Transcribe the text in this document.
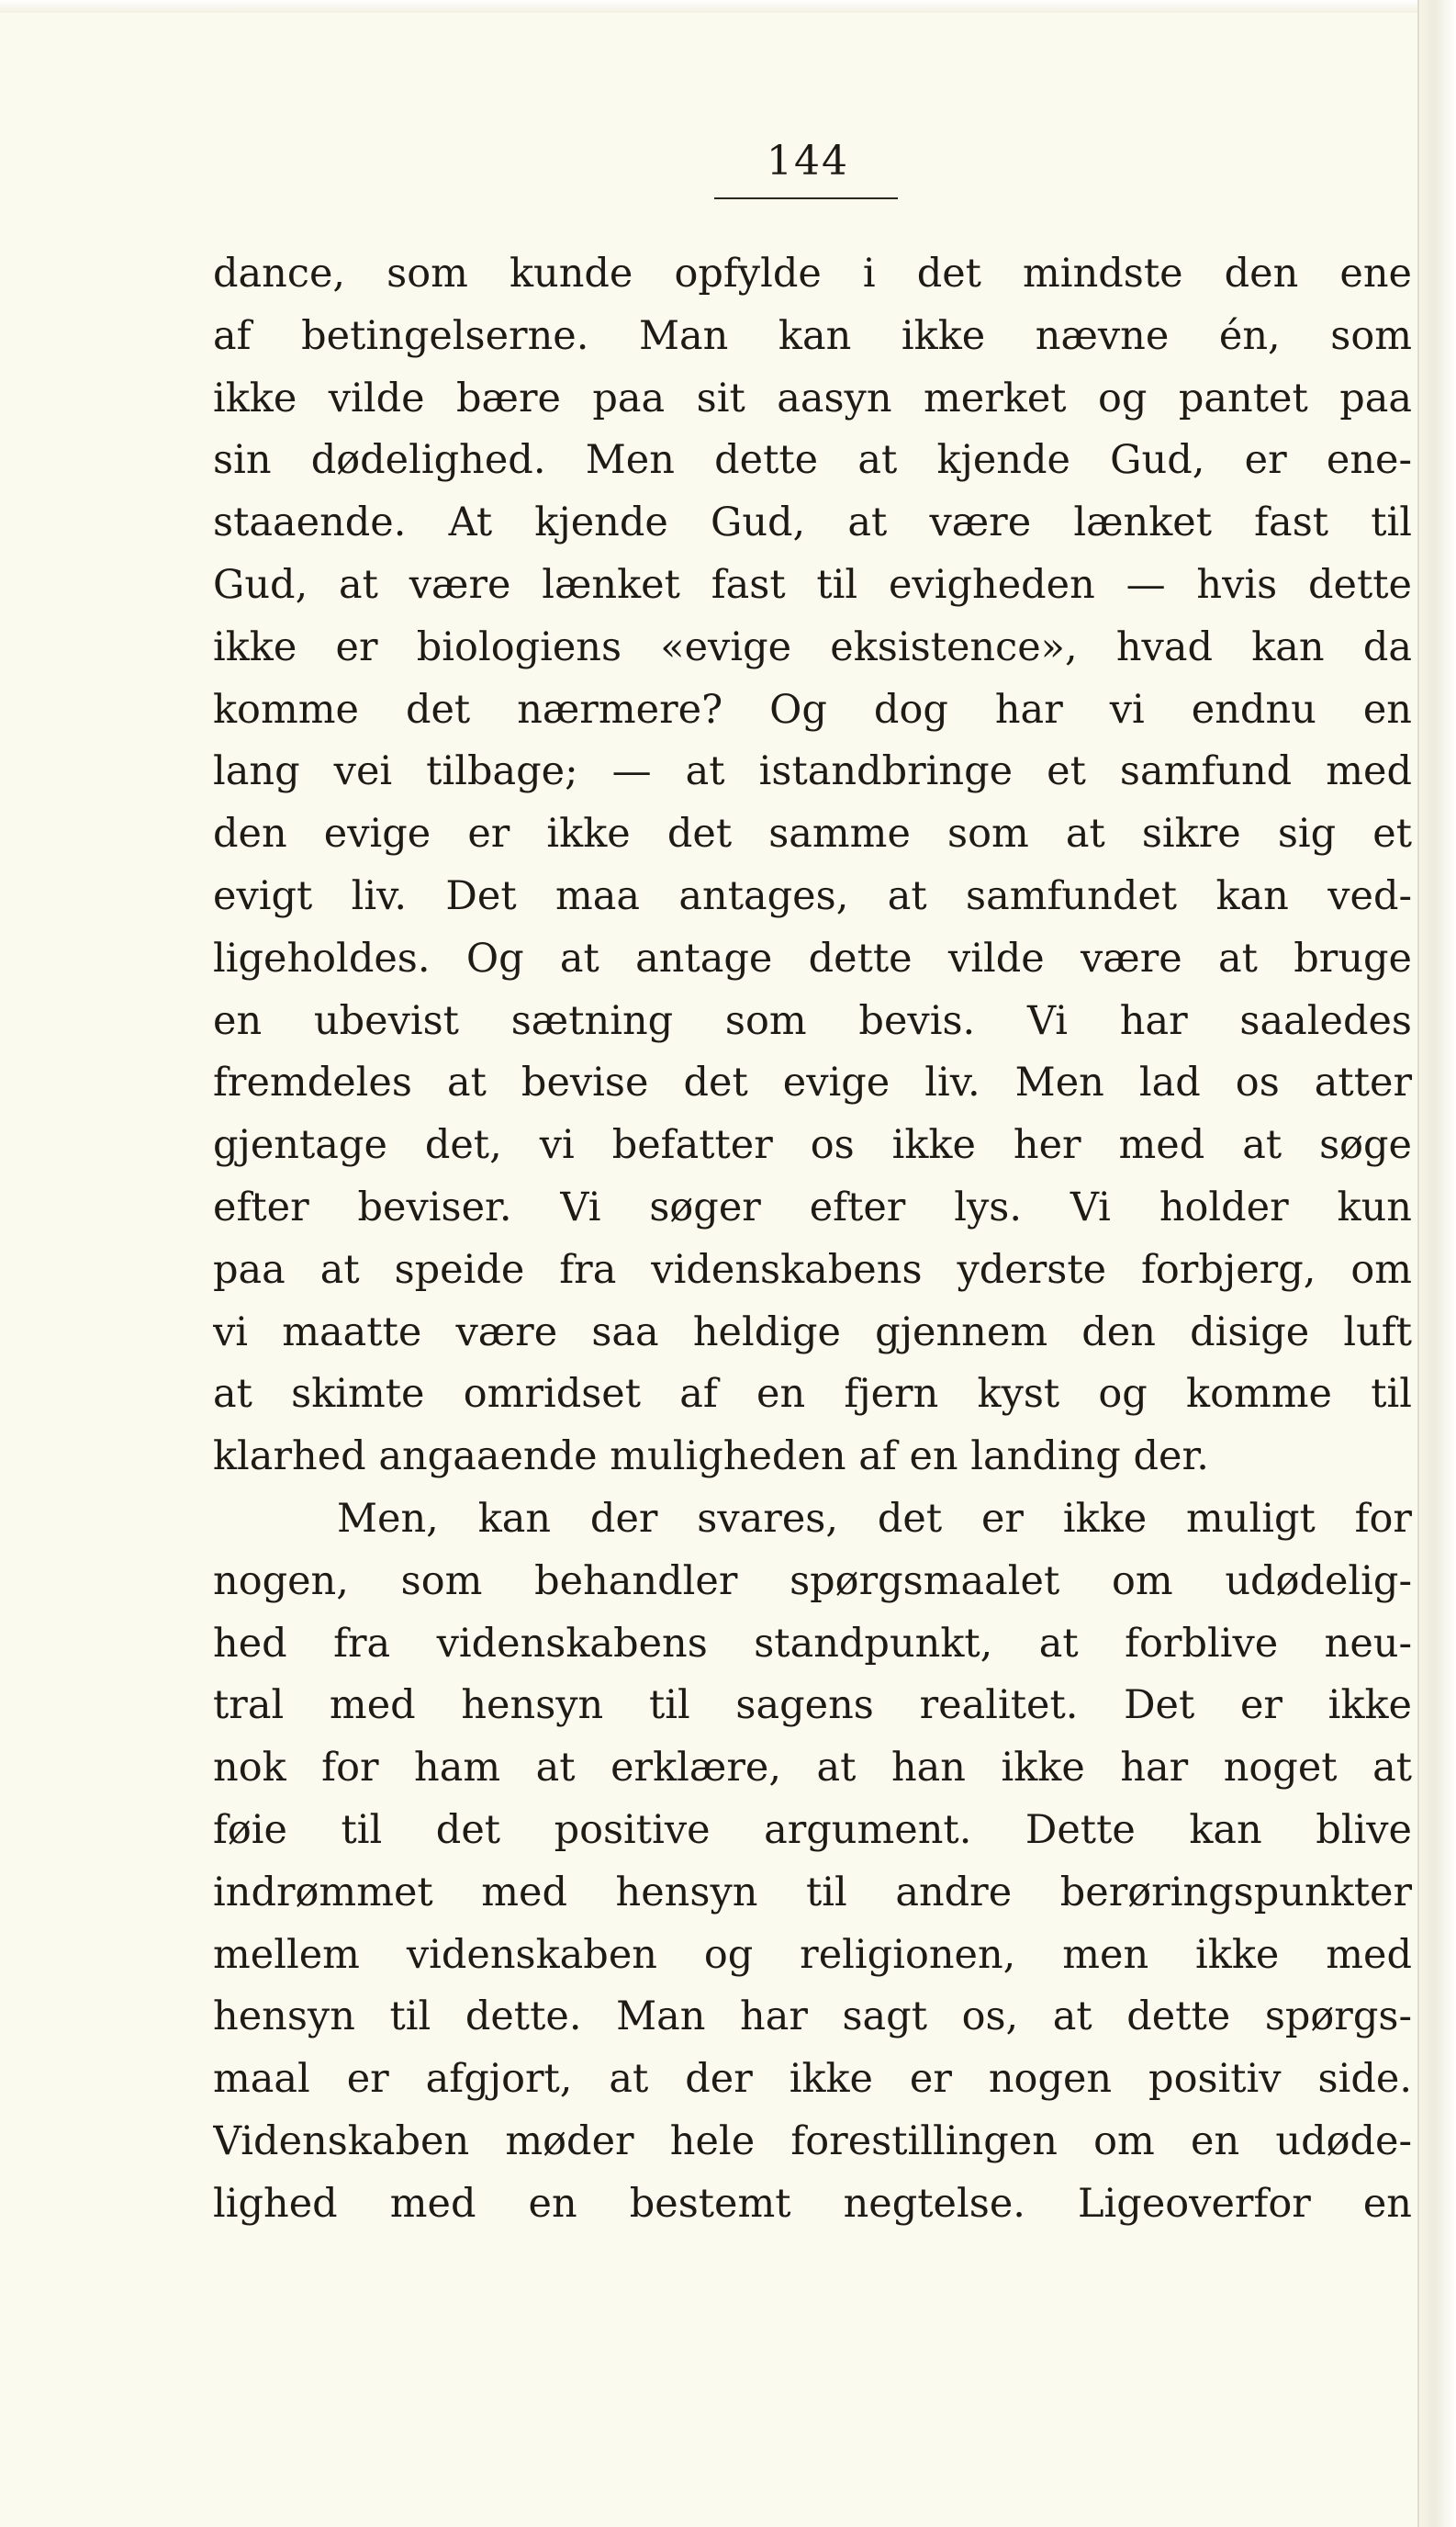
144
dance, som kunde opfylde i det mindste den ene
af betingelserne. Man kan ikke nævne én, som
ikke vilde bære paa sit aasyn merket og pantet paa
sin dødelighed. Men dette at kjende Gud, er ene-
staaende. At kjende Gud, at være lænket fast til
Gud, at være lænket fast til evigheden — hvis dette
ikke er biologiens «evige eksistence», hvad kan da
komme det nærmere? Og dog har vi endnu en
lang vei tilbage; — at istandbringe et samfund med
den evige er ikke det samme som at sikre sig et
evigt liv. Det maa antages, at samfundet kan ved-
ligeholdes. Og at antage dette vilde være at bruge
en ubevist sætning som bevis. Vi har saaledes
fremdeles at bevise det evige liv. Men lad os atter
gjentage det, vi befatter os ikke her med at søge
efter beviser. Vi søger efter lys. Vi holder kun
paa at speide fra videnskabens yderste forbjerg, om
vi maatte være saa heldige gjennem den disige luft
at skimte omridset af en fjern kyst og komme til
klarhed angaaende muligheden af en landing der.
Men, kan der svares, det er ikke muligt for
nogen, som behandler spørgsmaalet om udødelig-
hed fra videnskabens standpunkt, at forblive neu-
tral med hensyn til sagens realitet. Det er ikke
nok for ham at erklære, at han ikke har noget at
føie til det positive argument. Dette kan blive
indrømmet med hensyn til andre berøringspunkter
mellem videnskaben og religionen, men ikke med
hensyn til dette. Man har sagt os, at dette spørgs-
maal er afgjort, at der ikke er nogen positiv side.
Videnskaben møder hele forestillingen om en udøde-
lighed med en bestemt negtelse. Ligeoverfor en
